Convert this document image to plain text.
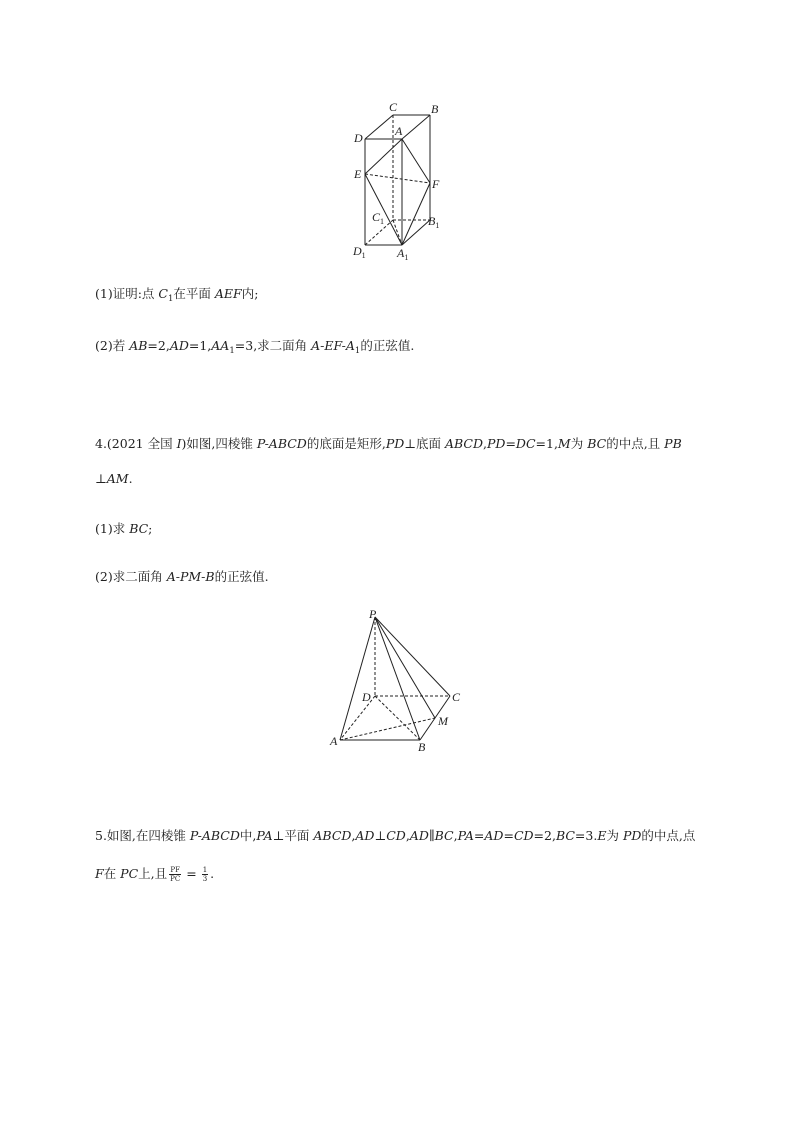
C	B
D	A
E
F
$C_1$	$B_1$
$D_1$	$A_1$
(1)证明:点 $C_1$在平面 AEF内;
(2)若 $AB=2,AD=1,AA_1=3$,求二面角 $A-EF-A_1$的正弦值.
4.(2021 全国 I)如图,四棱锥 P-ABCD的底面是矩形,PD⊥底面 ABCD,PD=DC=1,M为 BC的中点,且 PB
⊥AM.
(1)求 BC;
(2)求二面角 A-PM-B的正弦值.
P
D	C
M
A	B
5.如图,在四棱锥 P-ABCD中,PA⊥平面 ABCD,AD⊥CD,AD∥BC,PA=AD=CD=2,BC=3.E为 PD的中点,点
F在 PC上,且 $\frac{PF}{PC} = \frac{1}{3}$ .
